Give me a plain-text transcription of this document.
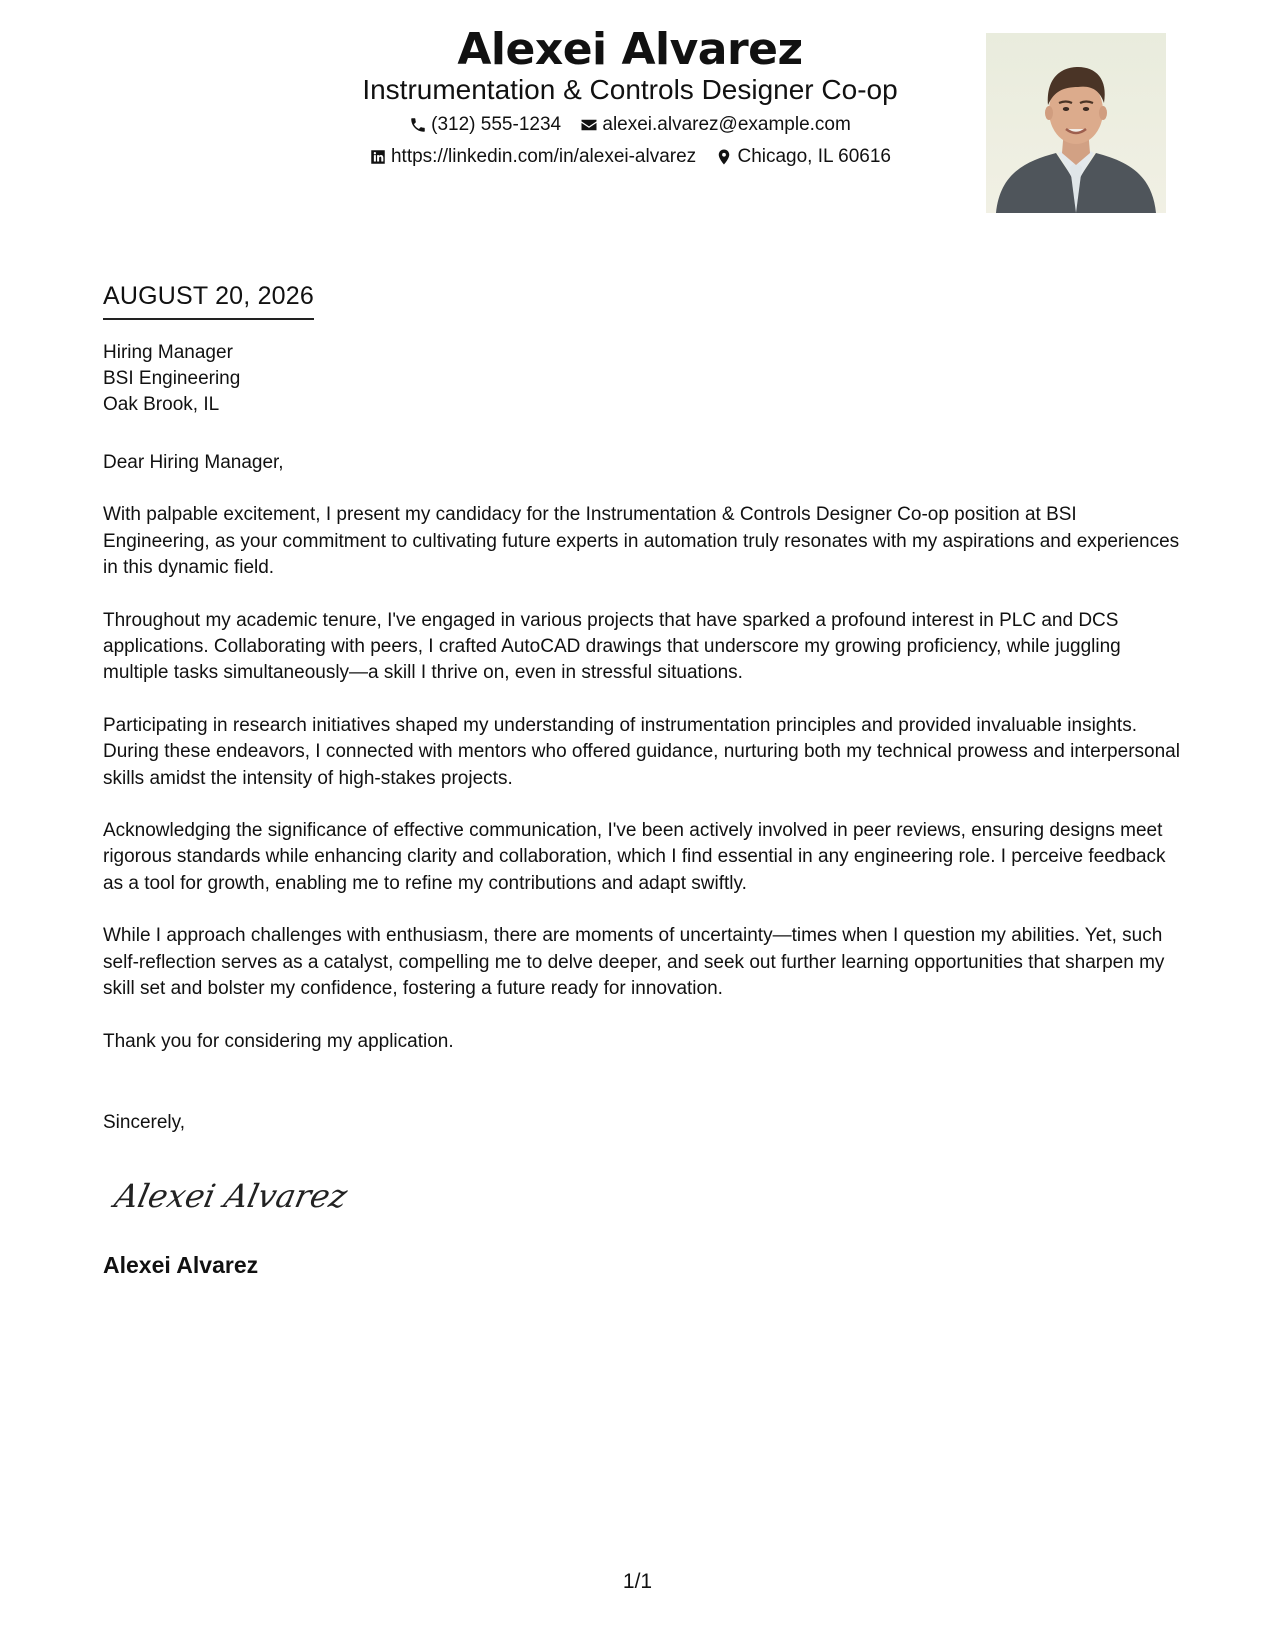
Alexei Alvarez
Instrumentation & Controls Designer Co-op
(312) 555-1234
alexei.alvarez@example.com
https://linkedin.com/in/alexei-alvarez
Chicago, IL 60616
AUGUST 20, 2026
Hiring Manager
BSI Engineering
Oak Brook, IL

Dear Hiring Manager,

With palpable excitement, I present my candidacy for the Instrumentation & Controls Designer Co-op position at BSI Engineering, as your commitment to cultivating future experts in automation truly resonates with my aspirations and experiences in this dynamic field.

Throughout my academic tenure, I've engaged in various projects that have sparked a profound interest in PLC and DCS applications. Collaborating with peers, I crafted AutoCAD drawings that underscore my growing proficiency, while juggling multiple tasks simultaneously—a skill I thrive on, even in stressful situations.

Participating in research initiatives shaped my understanding of instrumentation principles and provided invaluable insights. During these endeavors, I connected with mentors who offered guidance, nurturing both my technical prowess and interpersonal skills amidst the intensity of high-stakes projects.

Acknowledging the significance of effective communication, I've been actively involved in peer reviews, ensuring designs meet rigorous standards while enhancing clarity and collaboration, which I find essential in any engineering role. I perceive feedback as a tool for growth, enabling me to refine my contributions and adapt swiftly.

While I approach challenges with enthusiasm, there are moments of uncertainty—times when I question my abilities. Yet, such self-reflection serves as a catalyst, compelling me to delve deeper, and seek out further learning opportunities that sharpen my skill set and bolster my confidence, fostering a future ready for innovation.

Thank you for considering my application.

Sincerely,
Alexei Alvarez
Alexei Alvarez
1/1
